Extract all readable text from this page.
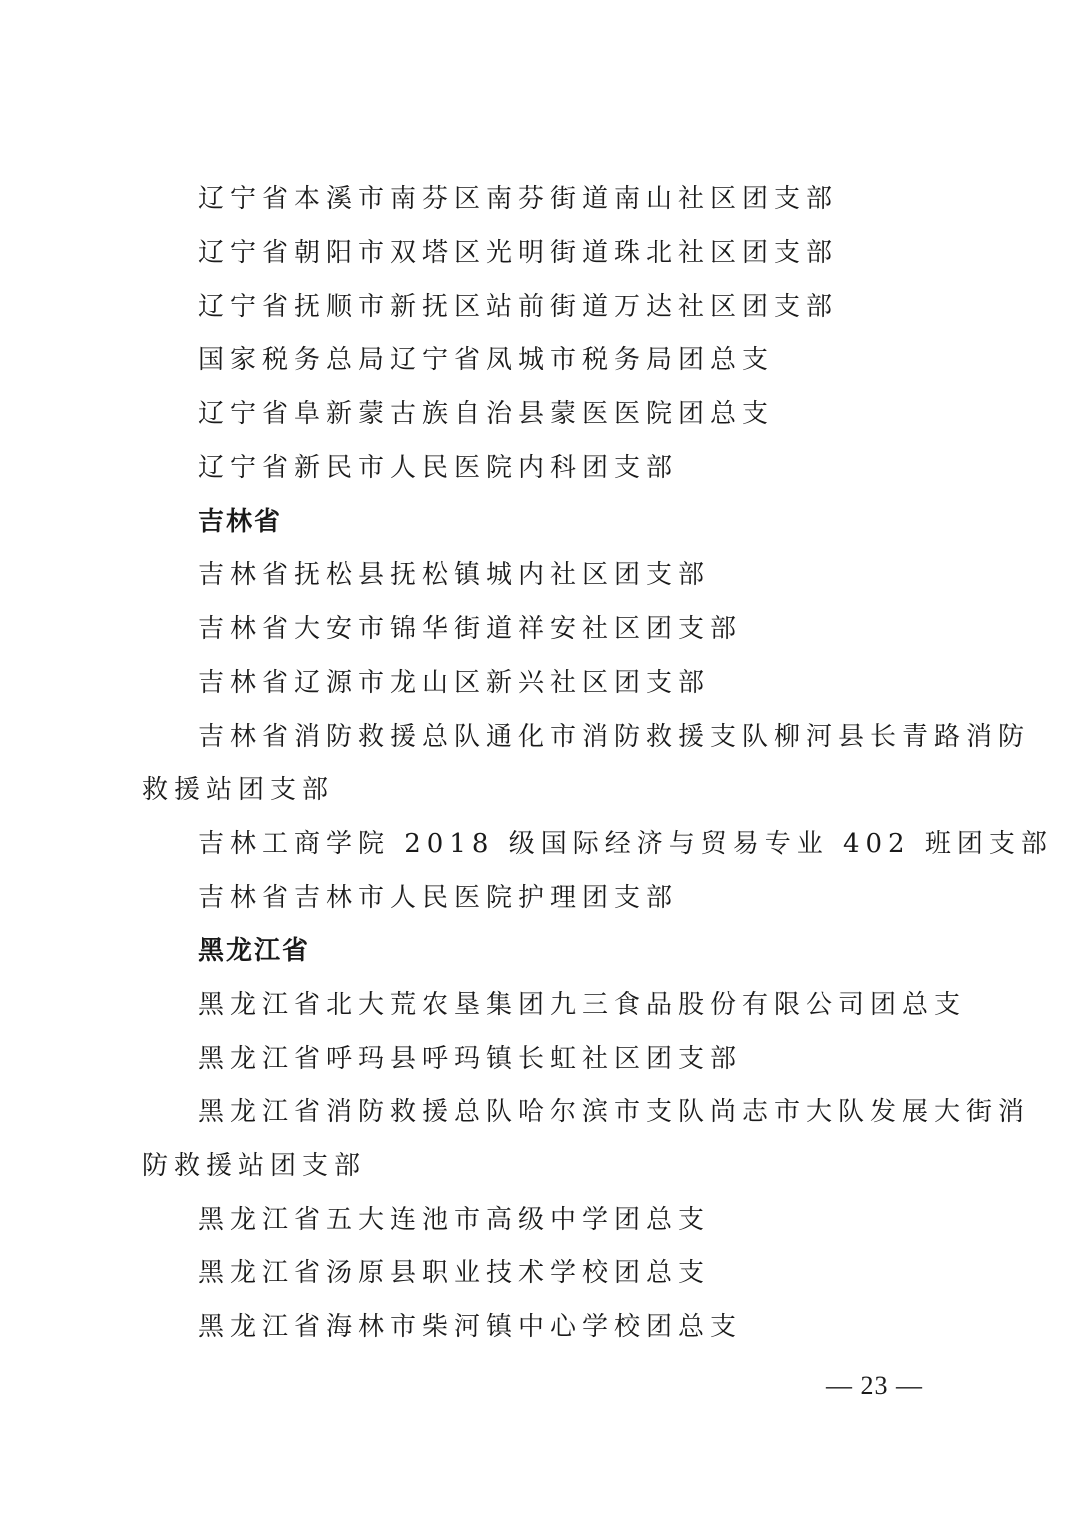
辽宁省本溪市南芬区南芬街道南山社区团支部
辽宁省朝阳市双塔区光明街道珠北社区团支部
辽宁省抚顺市新抚区站前街道万达社区团支部
国家税务总局辽宁省凤城市税务局团总支
辽宁省阜新蒙古族自治县蒙医医院团总支
辽宁省新民市人民医院内科团支部
吉林省
吉林省抚松县抚松镇城内社区团支部
吉林省大安市锦华街道祥安社区团支部
吉林省辽源市龙山区新兴社区团支部
吉林省消防救援总队通化市消防救援支队柳河县长青路消防
救援站团支部
吉林工商学院 2018 级国际经济与贸易专业 402 班团支部
吉林省吉林市人民医院护理团支部
黑龙江省
黑龙江省北大荒农垦集团九三食品股份有限公司团总支
黑龙江省呼玛县呼玛镇长虹社区团支部
黑龙江省消防救援总队哈尔滨市支队尚志市大队发展大街消
防救援站团支部
黑龙江省五大连池市高级中学团总支
黑龙江省汤原县职业技术学校团总支
黑龙江省海林市柴河镇中心学校团总支
— 23 —
